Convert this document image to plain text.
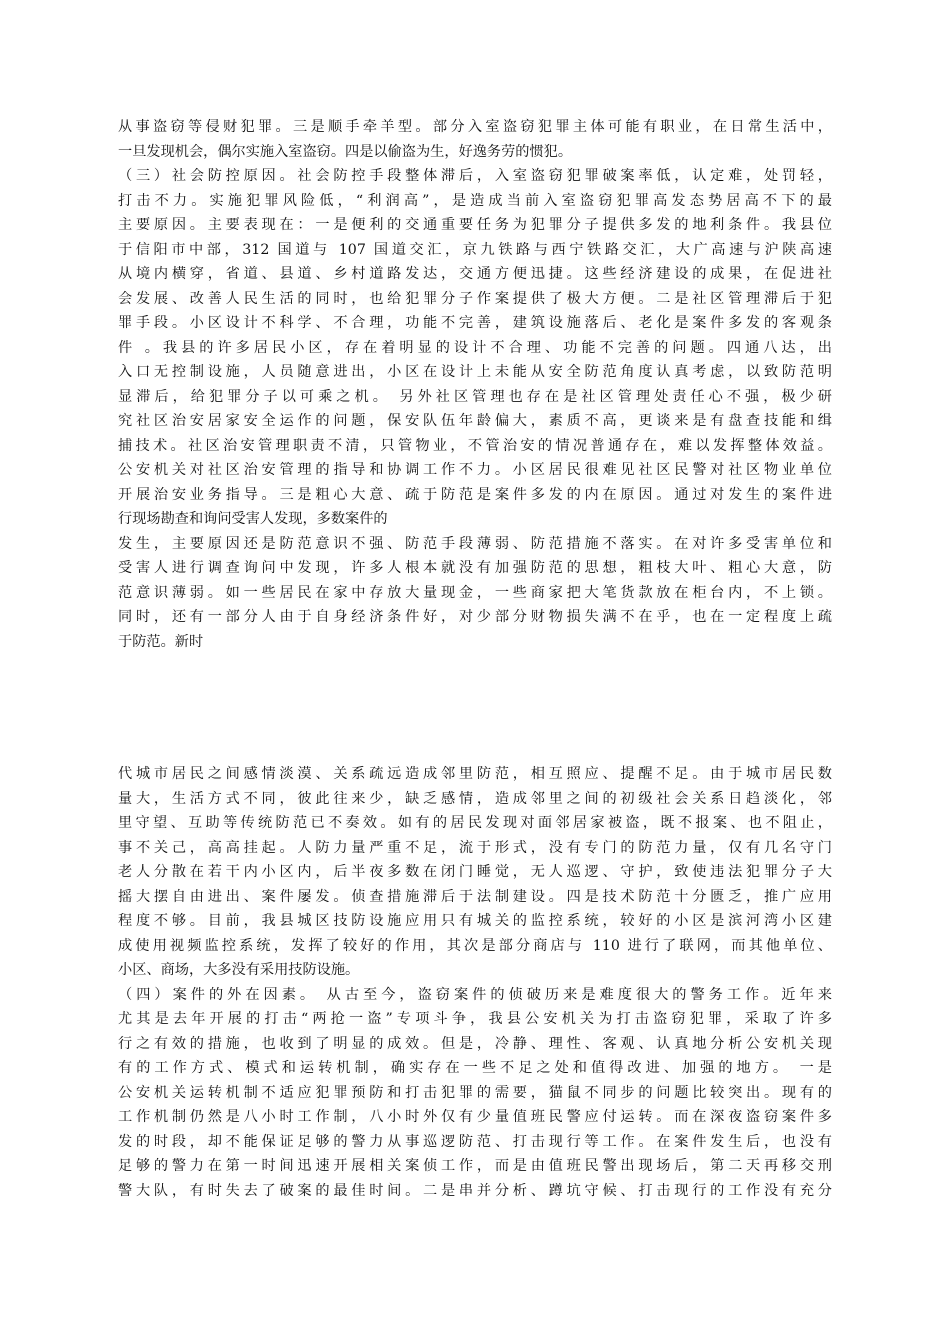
从事盗窃等侵财犯罪。三是顺手牵羊型。部分入室盗窃犯罪主体可能有职业，在日常生活中，
一旦发现机会，偶尔实施入室盗窃。四是以偷盗为生，好逸务劳的惯犯。
（三）社会防控原因。社会防控手段整体滞后，入室盗窃犯罪破案率低，认定难，处罚轻，
打击不力。实施犯罪风险低，“利润高”，是造成当前入室盗窃犯罪高发态势居高不下的最
主要原因。主要表现在：一是便利的交通重要任务为犯罪分子提供多发的地利条件。我县位
于信阳市中部，312 国道与 107 国道交汇，京九铁路与西宁铁路交汇，大广高速与沪陕高速
从境内横穿，省道、县道、乡村道路发达，交通方便迅捷。这些经济建设的成果，在促进社
会发展、改善人民生活的同时，也给犯罪分子作案提供了极大方便。二是社区管理滞后于犯
罪手段。小区设计不科学、不合理，功能不完善，建筑设施落后、老化是案件多发的客观条
件 。我县的许多居民小区，存在着明显的设计不合理、功能不完善的问题。四通八达，出
入口无控制设施，人员随意进出，小区在设计上未能从安全防范角度认真考虑，以致防范明
显滞后，给犯罪分子以可乘之机。 另外社区管理也存在是社区管理处责任心不强，极少研
究社区治安居家安全运作的问题，保安队伍年龄偏大，素质不高，更谈来是有盘查技能和缉
捕技术。社区治安管理职责不清，只管物业，不管治安的情况普通存在，难以发挥整体效益。
公安机关对社区治安管理的指导和协调工作不力。小区居民很难见社区民警对社区物业单位
开展治安业务指导。三是粗心大意、疏于防范是案件多发的内在原因。通过对发生的案件进
行现场勘查和询问受害人发现，多数案件的
发生，主要原因还是防范意识不强、防范手段薄弱、防范措施不落实。在对许多受害单位和
受害人进行调查询问中发现，许多人根本就没有加强防范的思想，粗枝大叶、粗心大意，防
范意识薄弱。如一些居民在家中存放大量现金，一些商家把大笔货款放在柜台内，不上锁。
同时，还有一部分人由于自身经济条件好，对少部分财物损失满不在乎，也在一定程度上疏
于防范。新时
代城市居民之间感情淡漠、关系疏远造成邻里防范，相互照应、提醒不足。由于城市居民数
量大，生活方式不同，彼此往来少，缺乏感情，造成邻里之间的初级社会关系日趋淡化，邻
里守望、互助等传统防范已不奏效。如有的居民发现对面邻居家被盗，既不报案、也不阻止，
事不关己，高高挂起。人防力量严重不足，流于形式，没有专门的防范力量，仅有几名守门
老人分散在若干内小区内，后半夜多数在闭门睡觉，无人巡逻、守护，致使违法犯罪分子大
摇大摆自由进出、案件屡发。侦查措施滞后于法制建设。四是技术防范十分匮乏，推广应用
程度不够。目前，我县城区技防设施应用只有城关的监控系统，较好的小区是滨河湾小区建
成使用视频监控系统，发挥了较好的作用，其次是部分商店与 110 进行了联网，而其他单位、
小区、商场，大多没有采用技防设施。
（四）案件的外在因素。 从古至今，盗窃案件的侦破历来是难度很大的警务工作。近年来
尤其是去年开展的打击“两抢一盗”专项斗争，我县公安机关为打击盗窃犯罪，采取了许多
行之有效的措施，也收到了明显的成效。但是，冷静、理性、客观、认真地分析公安机关现
有的工作方式、模式和运转机制，确实存在一些不足之处和值得改进、加强的地方。 一是
公安机关运转机制不适应犯罪预防和打击犯罪的需要，猫鼠不同步的问题比较突出。现有的
工作机制仍然是八小时工作制，八小时外仅有少量值班民警应付运转。而在深夜盗窃案件多
发的时段，却不能保证足够的警力从事巡逻防范、打击现行等工作。在案件发生后，也没有
足够的警力在第一时间迅速开展相关案侦工作，而是由值班民警出现场后，第二天再移交刑
警大队，有时失去了破案的最佳时间。二是串并分析、蹲坑守候、打击现行的工作没有充分
